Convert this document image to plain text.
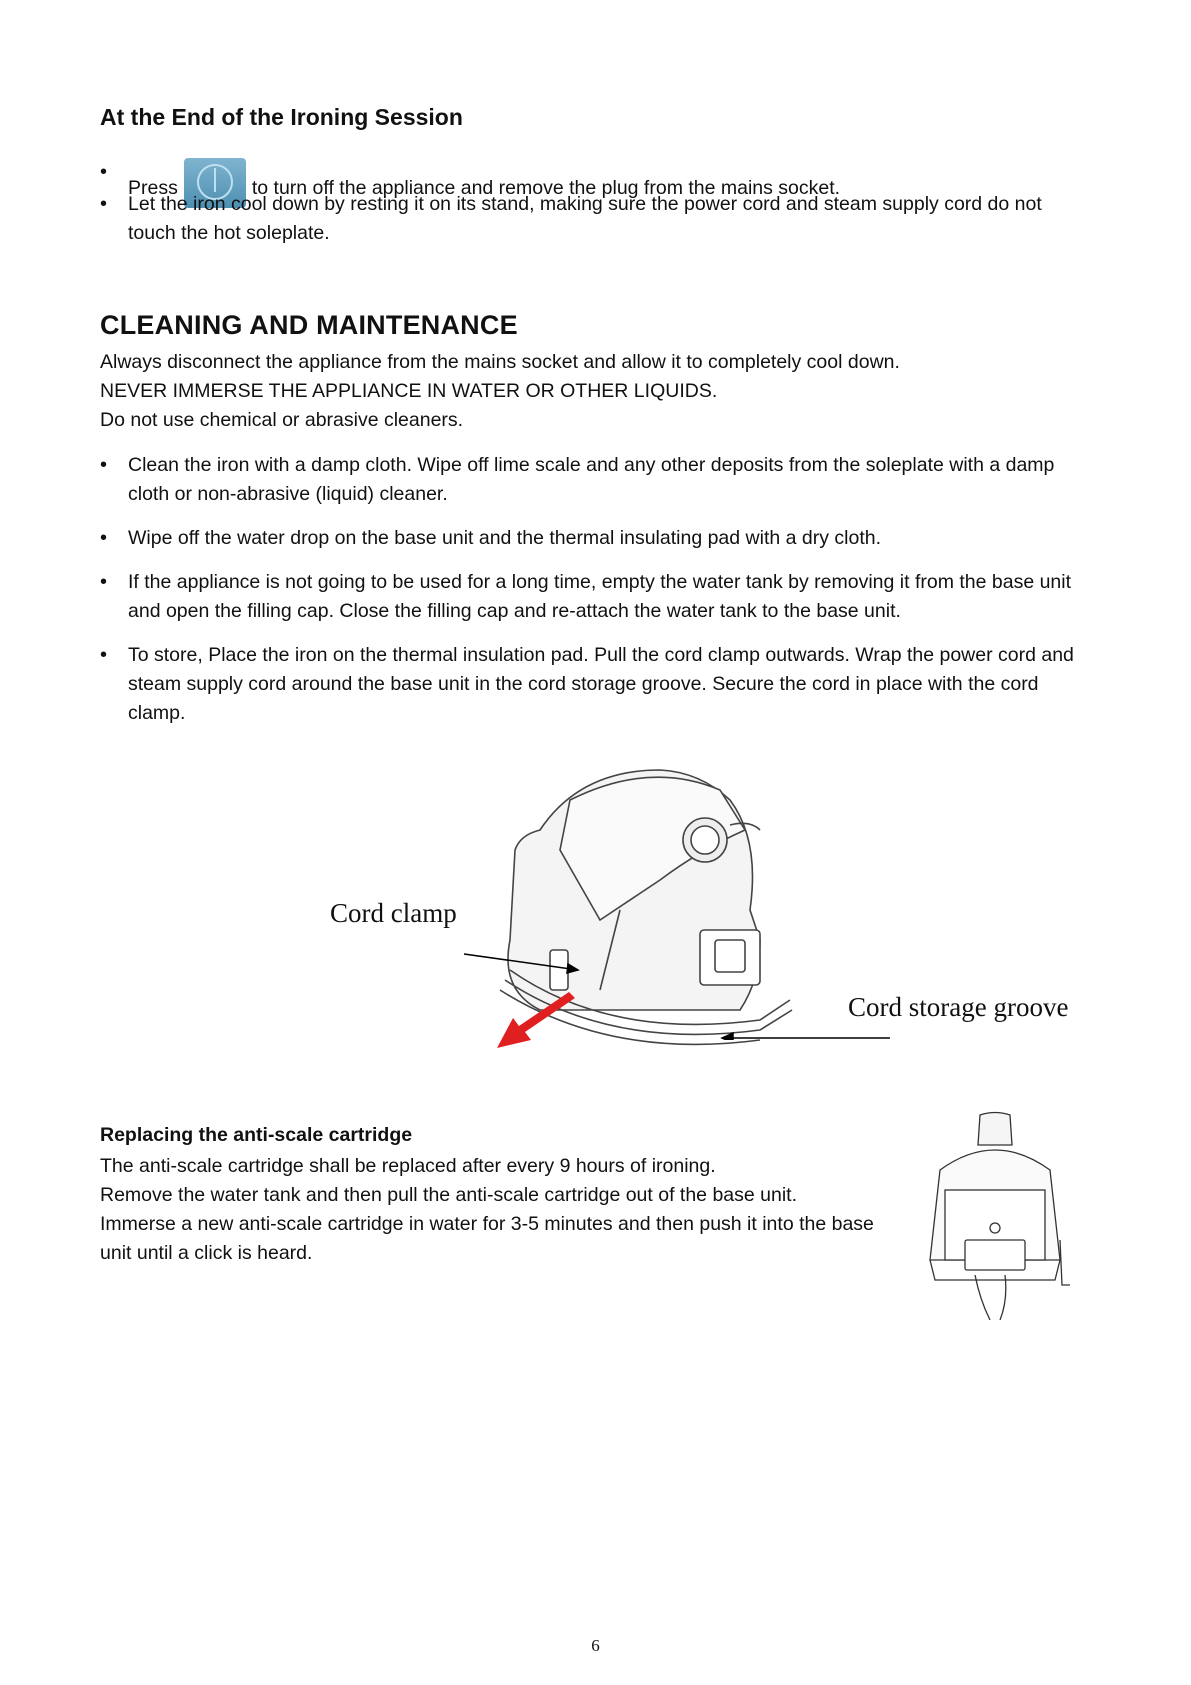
At the End of the Ironing Session
• Press	to turn off the appliance and remove the plug from the mains socket.
• Let the iron cool down by resting it on its stand, making sure the power cord and steam supply cord do not touch the hot soleplate.
CLEANING AND MAINTENANCE

Always disconnect the appliance from the mains socket and allow it to completely cool down.

NEVER IMMERSE THE APPLIANCE IN WATER OR OTHER LIQUIDS.

Do not use chemical or abrasive cleaners.

• Clean the iron with a damp cloth. Wipe off lime scale and any other deposits from the soleplate with a damp cloth or non-abrasive (liquid) cleaner.
• Wipe off the water drop on the base unit and the thermal insulating pad with a dry cloth.
• If the appliance is not going to be used for a long time, empty the water tank by removing it from the base unit and open the filling cap. Close the filling cap and re-attach the water tank to the base unit.
• To store, Place the iron on the thermal insulation pad. Pull the cord clamp outwards. Wrap the power cord and steam supply cord around the base unit in the cord storage groove. Secure the cord in place with the cord clamp.
Cord clamp
Cord storage groove
Replacing the anti-scale cartridge

The anti-scale cartridge shall be replaced after every 9 hours of ironing.

Remove the water tank and then pull the anti-scale cartridge out of the base unit.

Immerse a new anti-scale cartridge in water for 3-5 minutes and then push it into the base unit until a click is heard.

6
